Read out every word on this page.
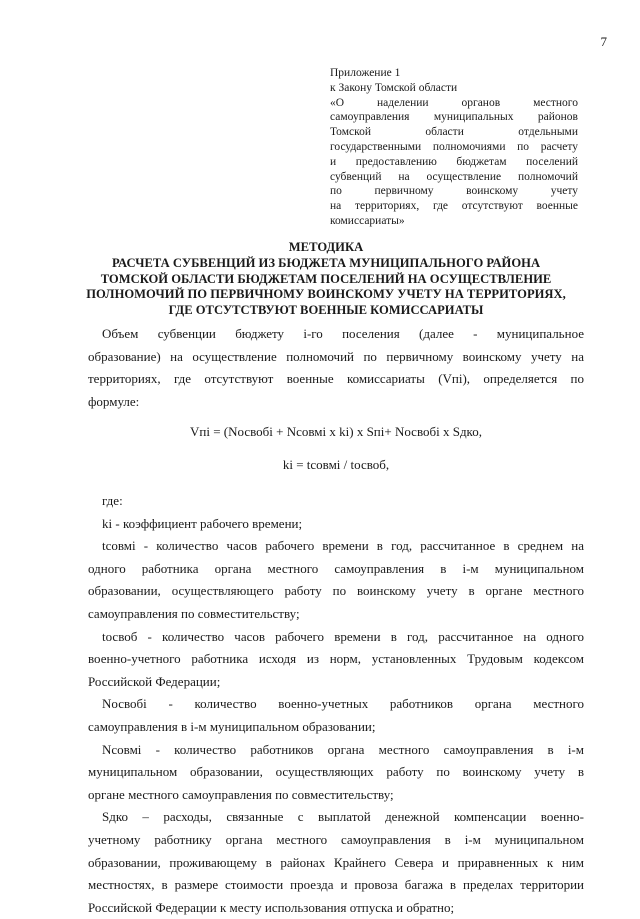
7
Приложение 1
к Закону Томской области
«О наделении органов местного
самоуправления муниципальных районов
Томской области отдельными
государственными полномочиями по расчету
и предоставлению бюджетам поселений
субвенций на осуществление полномочий
по первичному воинскому учету
на территориях, где отсутствуют военные
комиссариаты»
МЕТОДИКА
РАСЧЕТА СУБВЕНЦИЙ ИЗ БЮДЖЕТА МУНИЦИПАЛЬНОГО РАЙОНА
ТОМСКОЙ ОБЛАСТИ БЮДЖЕТАМ ПОСЕЛЕНИЙ НА ОСУЩЕСТВЛЕНИЕ
ПОЛНОМОЧИЙ ПО ПЕРВИЧНОМУ ВОИНСКОМУ УЧЕТУ НА ТЕРРИТОРИЯХ,
ГДЕ ОТСУТСТВУЮТ ВОЕННЫЕ КОМИССАРИАТЫ
Объем субвенции бюджету i-го поселения (далее - муниципальное
образование) на осуществление полномочий по первичному воинскому учету на
территориях, где отсутствуют военные комиссариаты (Vпi), определяется по
формуле:
Vпi = (Nосвобi + Nсовмi х ki) х Sпi+ Nосвобi х Sдко,
ki = tсовмi / tосвоб,
где:
ki - коэффициент рабочего времени;
tсовмi - количество часов рабочего времени в год, рассчитанное в среднем на
одного работника органа местного самоуправления в i-м муниципальном
образовании, осуществляющего работу по воинскому учету в органе местного
самоуправления по совместительству;
tосвоб - количество часов рабочего времени в год, рассчитанное на одного
военно-учетного работника исходя из норм, установленных Трудовым кодексом
Российской Федерации;
Nосвобi - количество военно-учетных работников органа местного
самоуправления в i-м муниципальном образовании;
Nсовмi - количество работников органа местного самоуправления в i-м
муниципальном образовании, осуществляющих работу по воинскому учету в
органе местного самоуправления по совместительству;
Sдко – расходы, связанные с выплатой денежной компенсации военно-
учетному работнику органа местного самоуправления в i-м муниципальном
образовании, проживающему в районах Крайнего Севера и приравненных к ним
местностях, в размере стоимости проезда и провоза багажа в пределах территории
Российской Федерации к месту использования отпуска и обратно;
